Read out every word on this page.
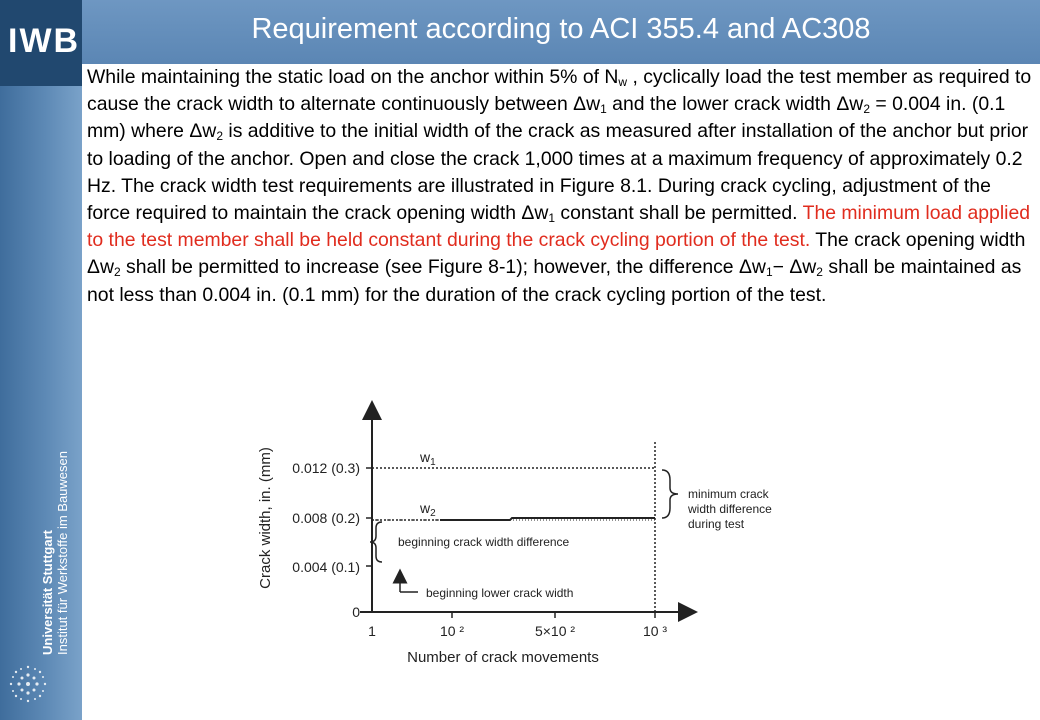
IWB
Universität Stuttgart Institut für Werkstoffe im Bauwesen
Requirement according to ACI 355.4 and AC308
While maintaining the static load on the anchor within 5% of $N_w$ , cyclically load the test member as required to cause the crack width to alternate continuously between $\Delta w_1$ and the lower crack width $\Delta w_2 = 0.004$ in. (0.1 mm) where $\Delta w_2$ is additive to the initial width of the crack as measured after installation of the anchor but prior to loading of the anchor. Open and close the crack 1,000 times at a maximum frequency of approximately 0.2 Hz. The crack width test requirements are illustrated in Figure 8.1. During crack cycling, adjustment of the force required to maintain the crack opening width $\Delta w_1$ constant shall be permitted. The minimum load applied to the test member shall be held constant during the crack cycling portion of the test. The crack opening width $\Delta w_2$ shall be permitted to increase (see Figure 8-1); however, the difference $\Delta w_1- \Delta w_2$ shall be maintained as not less than 0.004 in. (0.1 mm) for the duration of the crack cycling portion of the test.
0.012 (0.3)
0.008 (0.2)
0.004 (0.1)
0
Crack width, in. (mm)
1	10 ²	5×10 ²	10 ³
Number of crack movements
$w_1$
$w_2$
minimum crack
width difference
during test
beginning crack width difference
beginning lower crack width
